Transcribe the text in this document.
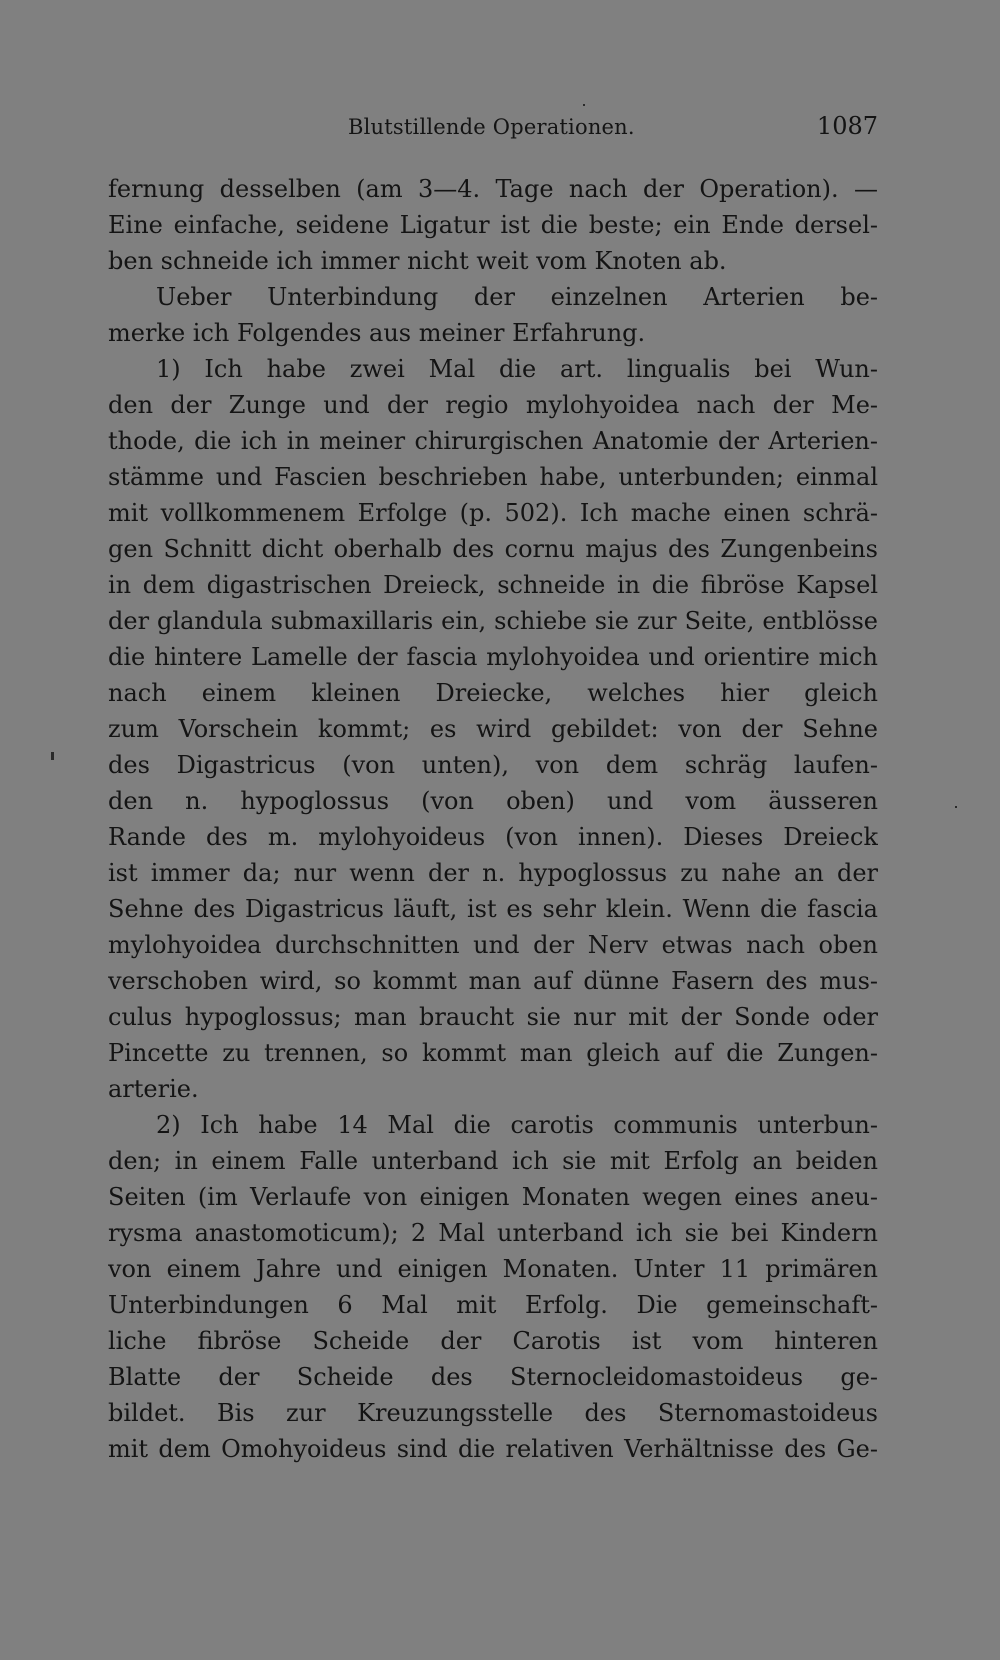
Blutstillende Operationen.	1087
fernung desselben (am 3—4. Tage nach der Operation). —
Eine einfache, seidene Ligatur ist die beste; ein Ende dersel-
ben schneide ich immer nicht weit vom Knoten ab.
Ueber Unterbindung der einzelnen Arterien be-
merke ich Folgendes aus meiner Erfahrung.
1) Ich habe zwei Mal die art. lingualis bei Wun-
den der Zunge und der regio mylohyoidea nach der Me-
thode, die ich in meiner chirurgischen Anatomie der Arterien-
stämme und Fascien beschrieben habe, unterbunden; einmal
mit vollkommenem Erfolge (p. 502). Ich mache einen schrä-
gen Schnitt dicht oberhalb des cornu majus des Zungenbeins
in dem digastrischen Dreieck, schneide in die fibröse Kapsel
der glandula submaxillaris ein, schiebe sie zur Seite, entblösse
die hintere Lamelle der fascia mylohyoidea und orientire mich
nach einem kleinen Dreiecke, welches hier gleich
zum Vorschein kommt; es wird gebildet: von der Sehne
des Digastricus (von unten), von dem schräg laufen-
den n. hypoglossus (von oben) und vom äusseren
Rande des m. mylohyoideus (von innen). Dieses Dreieck
ist immer da; nur wenn der n. hypoglossus zu nahe an der
Sehne des Digastricus läuft, ist es sehr klein. Wenn die fascia
mylohyoidea durchschnitten und der Nerv etwas nach oben
verschoben wird, so kommt man auf dünne Fasern des mus-
culus hypoglossus; man braucht sie nur mit der Sonde oder
Pincette zu trennen, so kommt man gleich auf die Zungen-
arterie.
2) Ich habe 14 Mal die carotis communis unterbun-
den; in einem Falle unterband ich sie mit Erfolg an beiden
Seiten (im Verlaufe von einigen Monaten wegen eines aneu-
rysma anastomoticum); 2 Mal unterband ich sie bei Kindern
von einem Jahre und einigen Monaten. Unter 11 primären
Unterbindungen 6 Mal mit Erfolg. Die gemeinschaft-
liche fibröse Scheide der Carotis ist vom hinteren
Blatte der Scheide des Sternocleidomastoideus ge-
bildet. Bis zur Kreuzungsstelle des Sternomastoideus
mit dem Omohyoideus sind die relativen Verhältnisse des Ge-
